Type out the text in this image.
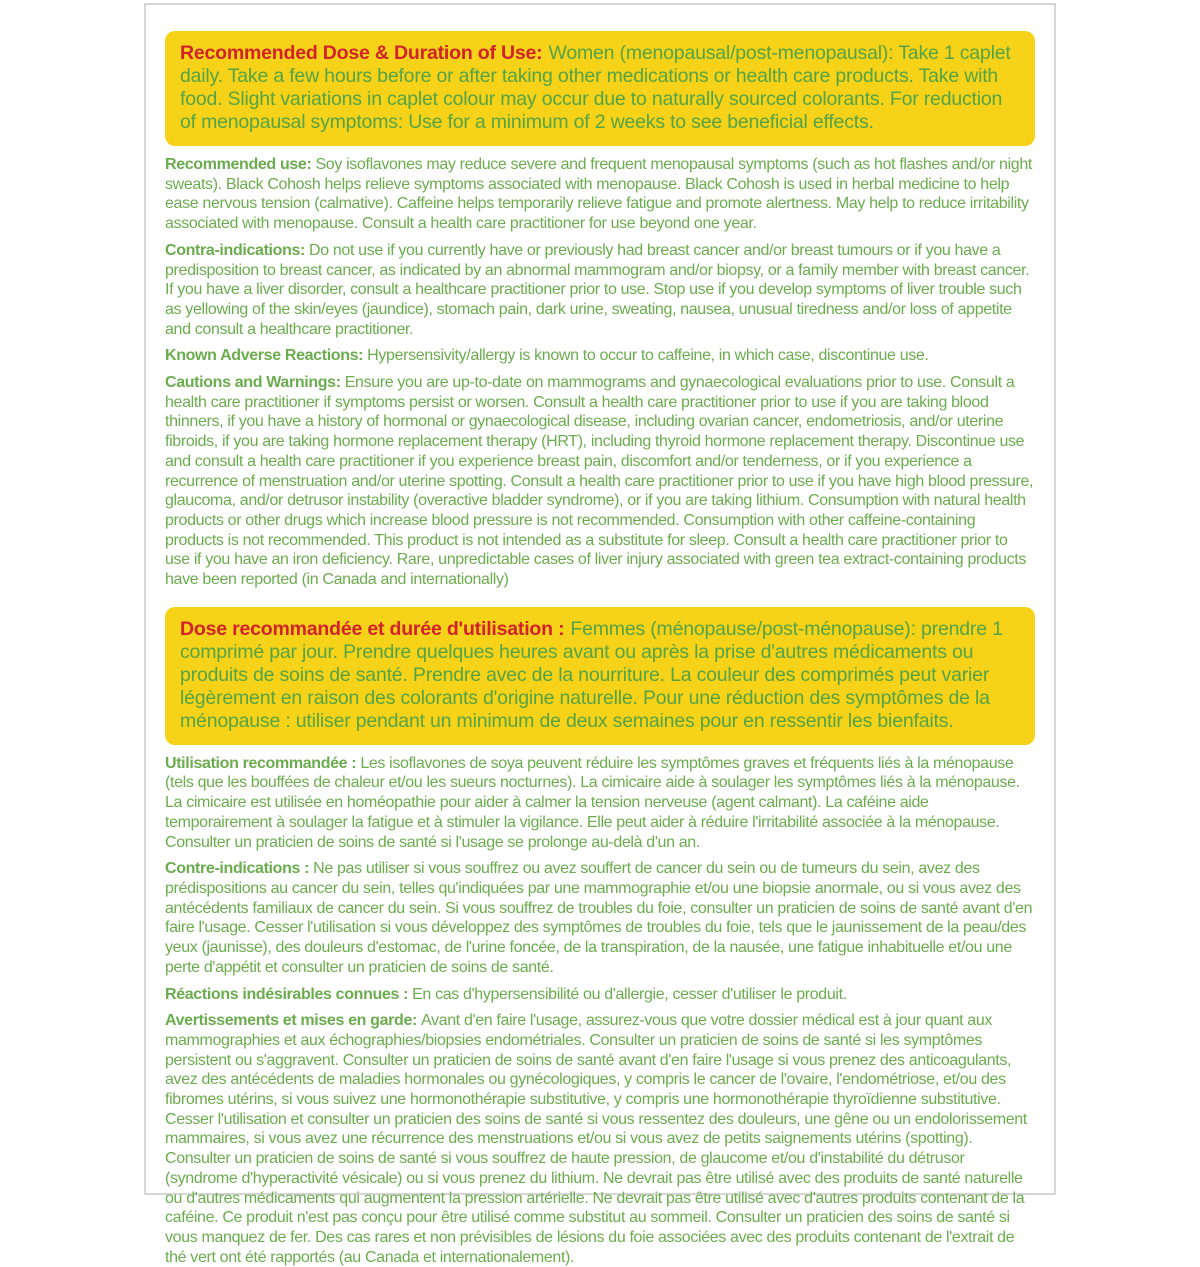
Recommended Dose & Duration of Use: Women (menopausal/post-menopausal): Take 1 caplet daily. Take a few hours before or after taking other medications or health care products. Take with food. Slight variations in caplet colour may occur due to naturally sourced colorants. For reduction of menopausal symptoms: Use for a minimum of 2 weeks to see beneficial effects.

Recommended use: Soy isoflavones may reduce severe and frequent menopausal symptoms (such as hot flashes and/or night sweats). Black Cohosh helps relieve symptoms associated with menopause. Black Cohosh is used in herbal medicine to help ease nervous tension (calmative). Caffeine helps temporarily relieve fatigue and promote alertness. May help to reduce irritability associated with menopause. Consult a health care practitioner for use beyond one year.

Contra-indications: Do not use if you currently have or previously had breast cancer and/or breast tumours or if you have a predisposition to breast cancer, as indicated by an abnormal mammogram and/or biopsy, or a family member with breast cancer. If you have a liver disorder, consult a healthcare practitioner prior to use. Stop use if you develop symptoms of liver trouble such as yellowing of the skin/eyes (jaundice), stomach pain, dark urine, sweating, nausea, unusual tiredness and/or loss of appetite and consult a healthcare practitioner.

Known Adverse Reactions: Hypersensivity/allergy is known to occur to caffeine, in which case, discontinue use.

Cautions and Warnings: Ensure you are up-to-date on mammograms and gynaecological evaluations prior to use. Consult a health care practitioner if symptoms persist or worsen. Consult a health care practitioner prior to use if you are taking blood thinners, if you have a history of hormonal or gynaecological disease, including ovarian cancer, endometriosis, and/or uterine fibroids, if you are taking hormone replacement therapy (HRT), including thyroid hormone replacement therapy. Discontinue use and consult a health care practitioner if you experience breast pain, discomfort and/or tenderness, or if you experience a recurrence of menstruation and/or uterine spotting. Consult a health care practitioner prior to use if you have high blood pressure, glaucoma, and/or detrusor instability (overactive bladder syndrome), or if you are taking lithium. Consumption with natural health products or other drugs which increase blood pressure is not recommended. Consumption with other caffeine-containing products is not recommended. This product is not intended as a substitute for sleep. Consult a health care practitioner prior to use if you have an iron deficiency. Rare, unpredictable cases of liver injury associated with green tea extract-containing products have been reported (in Canada and internationally)

Dose recommandée et durée d'utilisation : Femmes (ménopause/post-ménopause): prendre 1 comprimé par jour. Prendre quelques heures avant ou après la prise d'autres médicaments ou produits de soins de santé. Prendre avec de la nourriture. La couleur des comprimés peut varier légèrement en raison des colorants d'origine naturelle. Pour une réduction des symptômes de la ménopause : utiliser pendant un minimum de deux semaines pour en ressentir les bienfaits.

Utilisation recommandée : Les isoflavones de soya peuvent réduire les symptômes graves et fréquents liés à la ménopause (tels que les bouffées de chaleur et/ou les sueurs nocturnes). La cimicaire aide à soulager les symptômes liés à la ménopause. La cimicaire est utilisée en homéopathie pour aider à calmer la tension nerveuse (agent calmant). La caféine aide temporairement à soulager la fatigue et à stimuler la vigilance. Elle peut aider à réduire l'irritabilité associée à la ménopause. Consulter un praticien de soins de santé si l'usage se prolonge au-delà d'un an.

Contre-indications : Ne pas utiliser si vous souffrez ou avez souffert de cancer du sein ou de tumeurs du sein, avez des prédispositions au cancer du sein, telles qu'indiquées par une mammographie et/ou une biopsie anormale, ou si vous avez des antécédents familiaux de cancer du sein. Si vous souffrez de troubles du foie, consulter un praticien de soins de santé avant d'en faire l'usage. Cesser l'utilisation si vous développez des symptômes de troubles du foie, tels que le jaunissement de la peau/des yeux (jaunisse), des douleurs d'estomac, de l'urine foncée, de la transpiration, de la nausée, une fatigue inhabituelle et/ou une perte d'appétit et consulter un praticien de soins de santé.

Réactions indésirables connues : En cas d'hypersensibilité ou d'allergie, cesser d'utiliser le produit.

Avertissements et mises en garde: Avant d'en faire l'usage, assurez-vous que votre dossier médical est à jour quant aux mammographies et aux échographies/biopsies endométriales. Consulter un praticien de soins de santé si les symptômes persistent ou s'aggravent. Consulter un praticien de soins de santé avant d'en faire l'usage si vous prenez des anticoagulants, avez des antécédents de maladies hormonales ou gynécologiques, y compris le cancer de l'ovaire, l'endométriose, et/ou des fibromes utérins, si vous suivez une hormonothérapie substitutive, y compris une hormonothérapie thyroïdienne substitutive. Cesser l'utilisation et consulter un praticien des soins de santé si vous ressentez des douleurs, une gêne ou un endolorissement mammaires, si vous avez une récurrence des menstruations et/ou si vous avez de petits saignements utérins (spotting). Consulter un praticien de soins de santé si vous souffrez de haute pression, de glaucome et/ou d'instabilité du détrusor (syndrome d'hyperactivité vésicale) ou si vous prenez du lithium. Ne devrait pas être utilisé avec des produits de santé naturelle ou d'autres médicaments qui augmentent la pression artérielle. Ne devrait pas être utilisé avec d'autres produits contenant de la caféine. Ce produit n'est pas conçu pour être utilisé comme substitut au sommeil. Consulter un praticien des soins de santé si vous manquez de fer. Des cas rares et non prévisibles de lésions du foie associées avec des produits contenant de l'extrait de thé vert ont été rapportés (au Canada et internationalement).
